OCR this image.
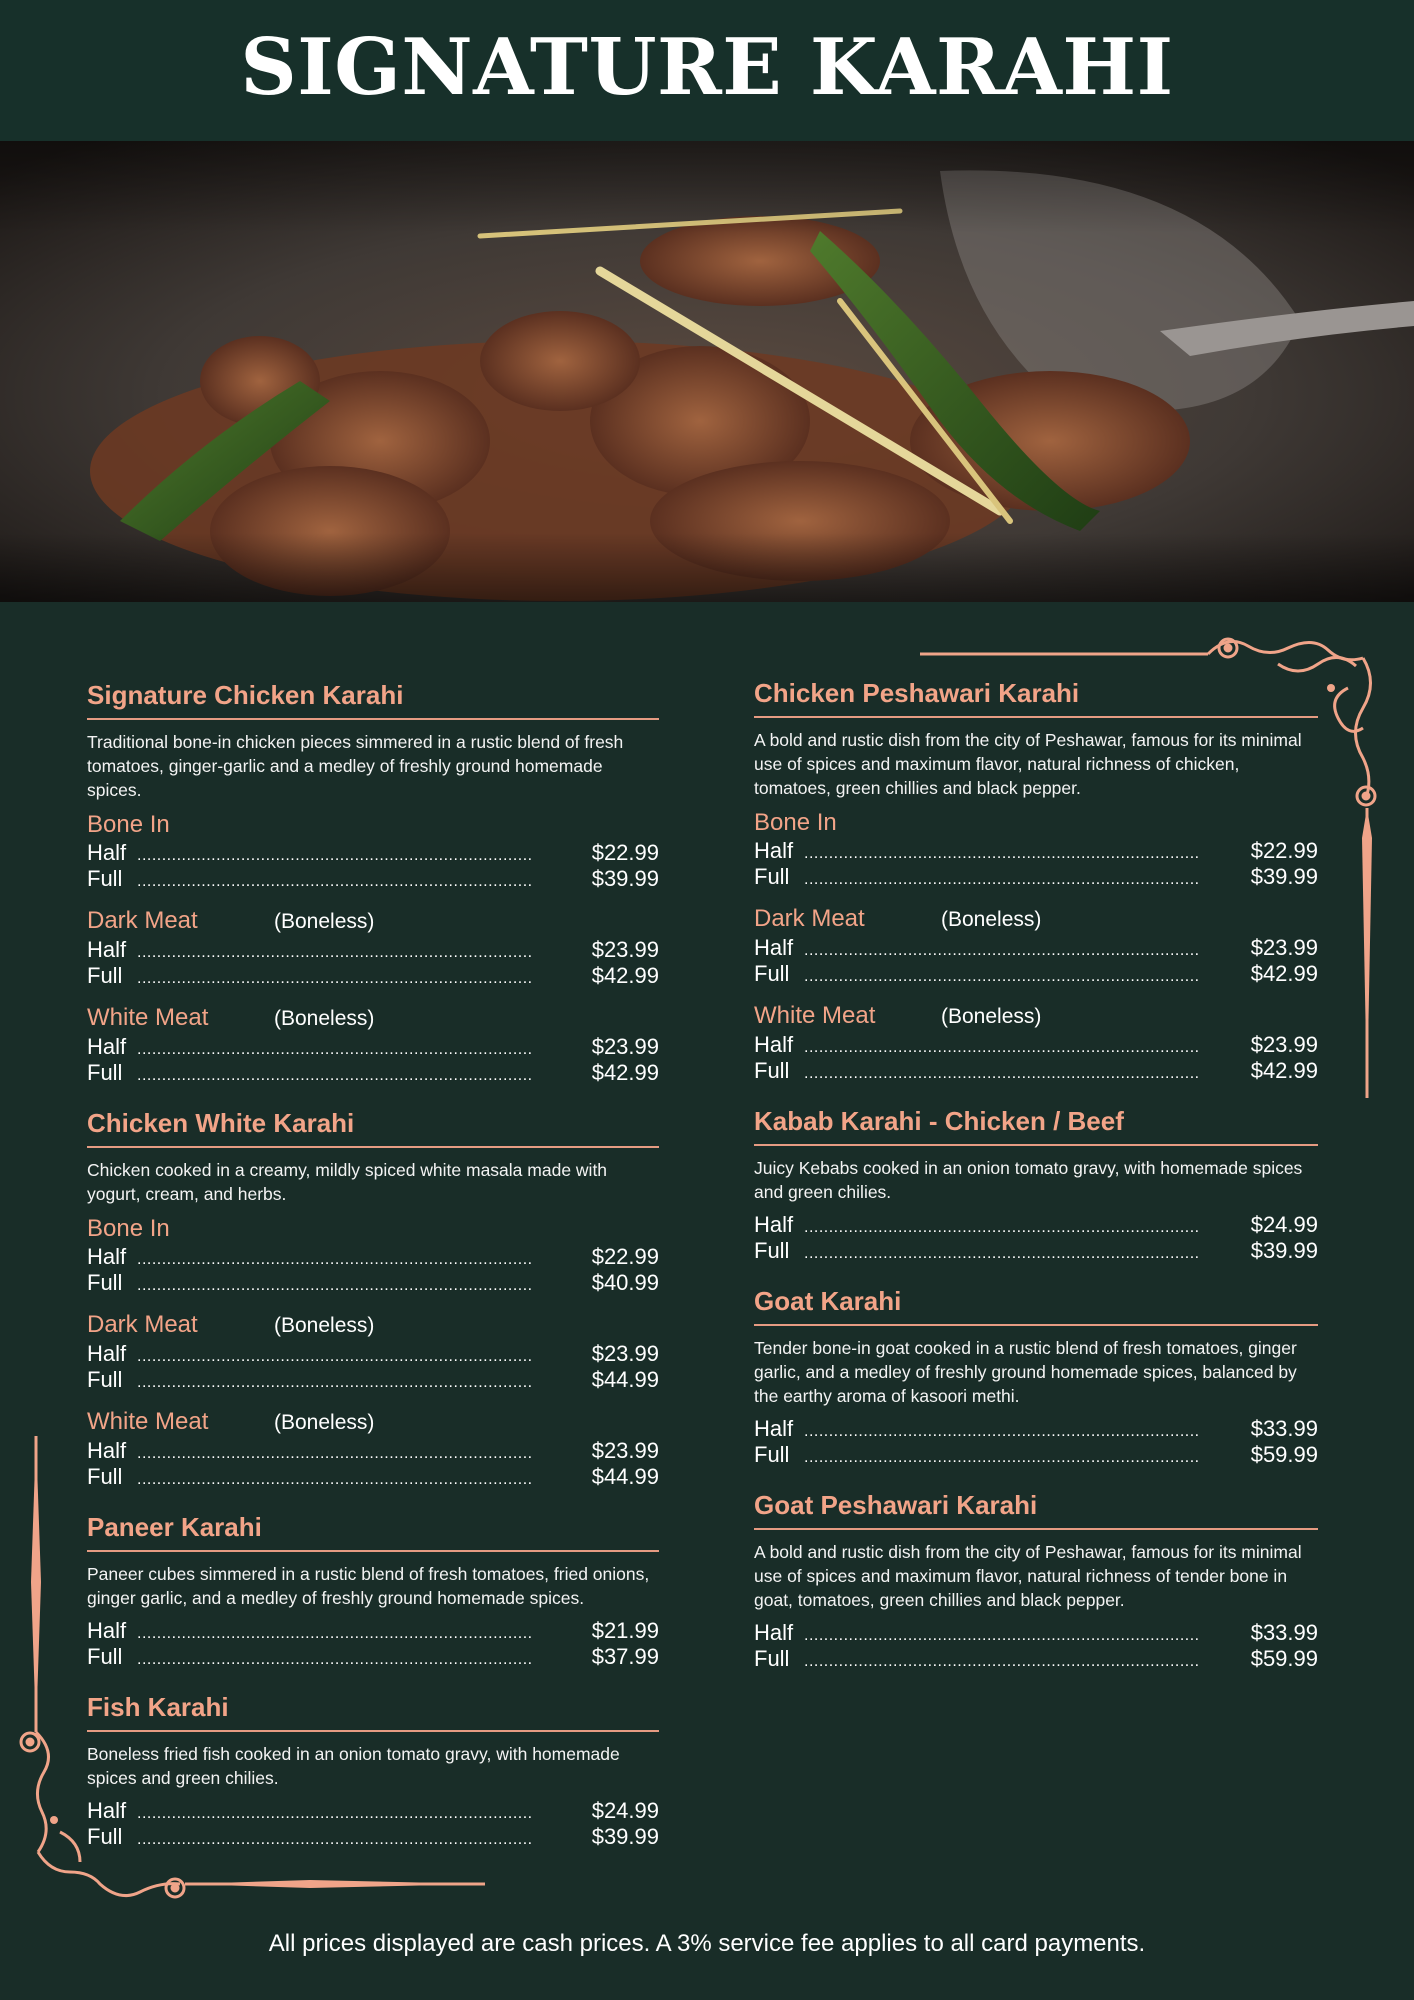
SIGNATURE KARAHI
Signature Chicken Karahi
Traditional bone-in chicken pieces simmered in a rustic blend of fresh tomatoes, ginger-garlic and a medley of freshly ground homemade spices.
Bone In
Half ................................................................................	$22.99
Full ................................................................................	$39.99
Dark Meat	(Boneless)
Half ................................................................................	$23.99
Full ................................................................................	$42.99
White Meat	(Boneless)
Half ................................................................................	$23.99
Full ................................................................................	$42.99
Chicken White Karahi
Chicken cooked in a creamy, mildly spiced white masala made with yogurt, cream, and herbs.
Bone In
Half ................................................................................	$22.99
Full ................................................................................	$40.99
Dark Meat	(Boneless)
Half ................................................................................	$23.99
Full ................................................................................	$44.99
White Meat	(Boneless)
Half ................................................................................	$23.99
Full ................................................................................	$44.99
Paneer Karahi
Paneer cubes simmered in a rustic blend of fresh tomatoes, fried onions, ginger garlic, and a medley of freshly ground homemade spices.
Half ................................................................................	$21.99
Full ................................................................................	$37.99
Fish Karahi
Boneless fried fish cooked in an onion tomato gravy, with homemade spices and green chilies.
Half ................................................................................	$24.99
Full ................................................................................	$39.99
Chicken Peshawari Karahi
A bold and rustic dish from the city of Peshawar, famous for its minimal use of spices and maximum flavor, natural richness of chicken, tomatoes, green chillies and black pepper.
Bone In
Half ................................................................................ $22.99
Full ................................................................................ $39.99
Dark Meat	(Boneless)
Half ................................................................................ $23.99
Full ................................................................................ $42.99
White Meat	(Boneless)
Half ................................................................................ $23.99
Full ................................................................................ $42.99
Kabab Karahi - Chicken / Beef
Juicy Kebabs cooked in an onion tomato gravy, with homemade spices and green chilies.
Half ................................................................................ $24.99
Full ................................................................................ $39.99
Goat Karahi
Tender bone-in goat cooked in a rustic blend of fresh tomatoes, ginger garlic, and a medley of freshly ground homemade spices, balanced by the earthy aroma of kasoori methi.
Half ................................................................................ $33.99
Full ................................................................................ $59.99
Goat Peshawari Karahi
A bold and rustic dish from the city of Peshawar, famous for its minimal use of spices and maximum flavor, natural richness of tender bone in goat, tomatoes, green chillies and black pepper.
Half ................................................................................ $33.99
Full ................................................................................ $59.99
All prices displayed are cash prices. A 3% service fee applies to all card payments.
